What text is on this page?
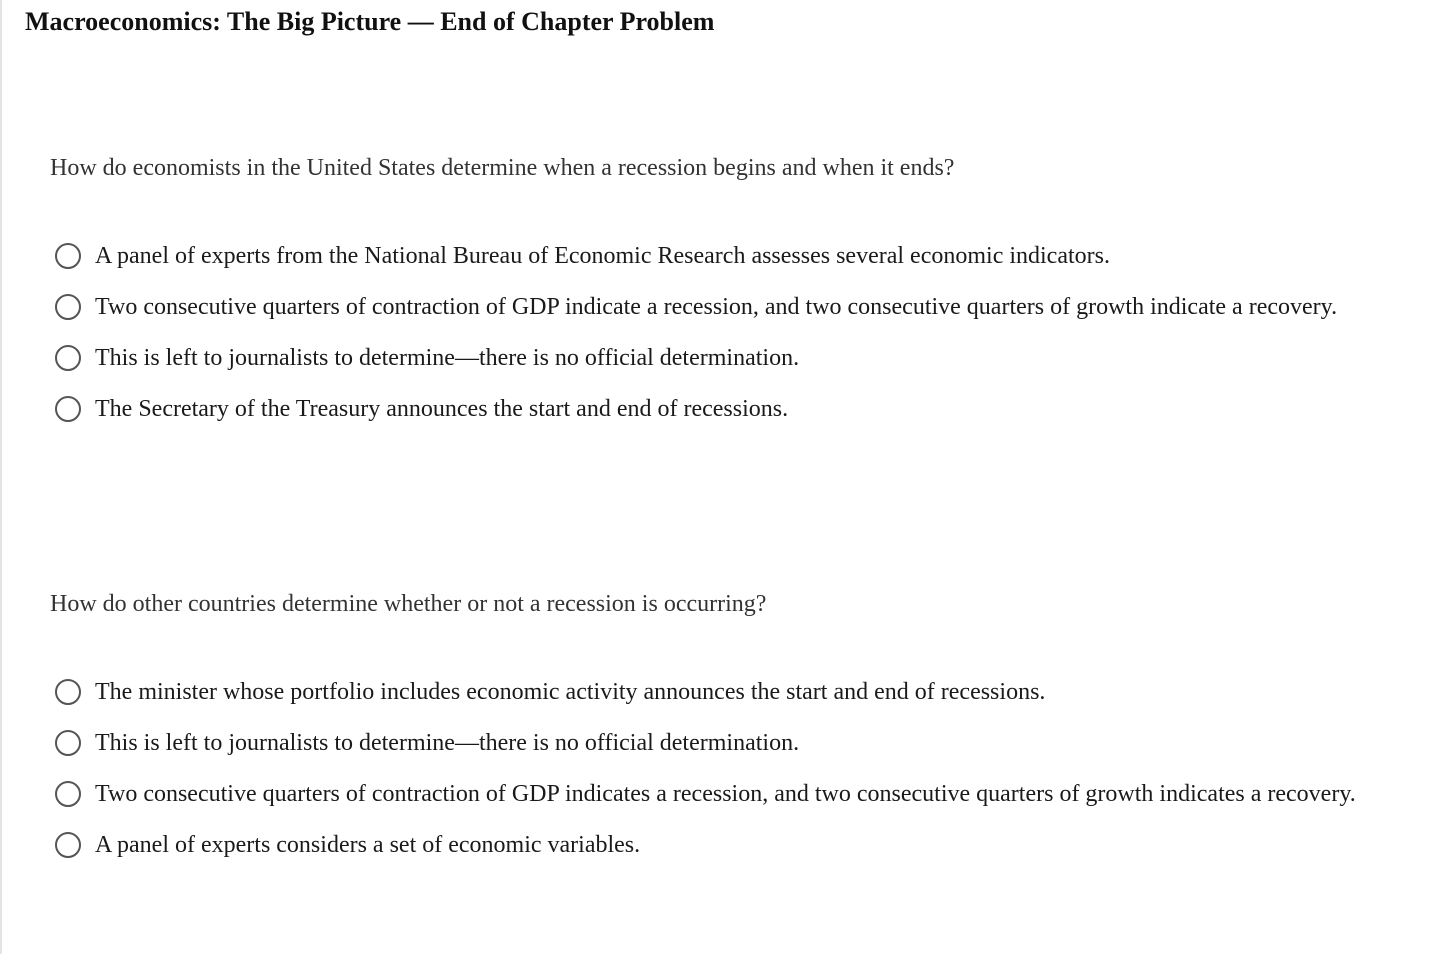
Macroeconomics: The Big Picture — End of Chapter Problem

How do economists in the United States determine when a recession begins and when it ends?

A panel of experts from the National Bureau of Economic Research assesses several economic indicators.
Two consecutive quarters of contraction of GDP indicate a recession, and two consecutive quarters of growth indicate a recovery.
This is left to journalists to determine—there is no official determination.
The Secretary of the Treasury announces the start and end of recessions.

How do other countries determine whether or not a recession is occurring?

The minister whose portfolio includes economic activity announces the start and end of recessions.
This is left to journalists to determine—there is no official determination.
Two consecutive quarters of contraction of GDP indicates a recession, and two consecutive quarters of growth indicates a recovery.
A panel of experts considers a set of economic variables.
